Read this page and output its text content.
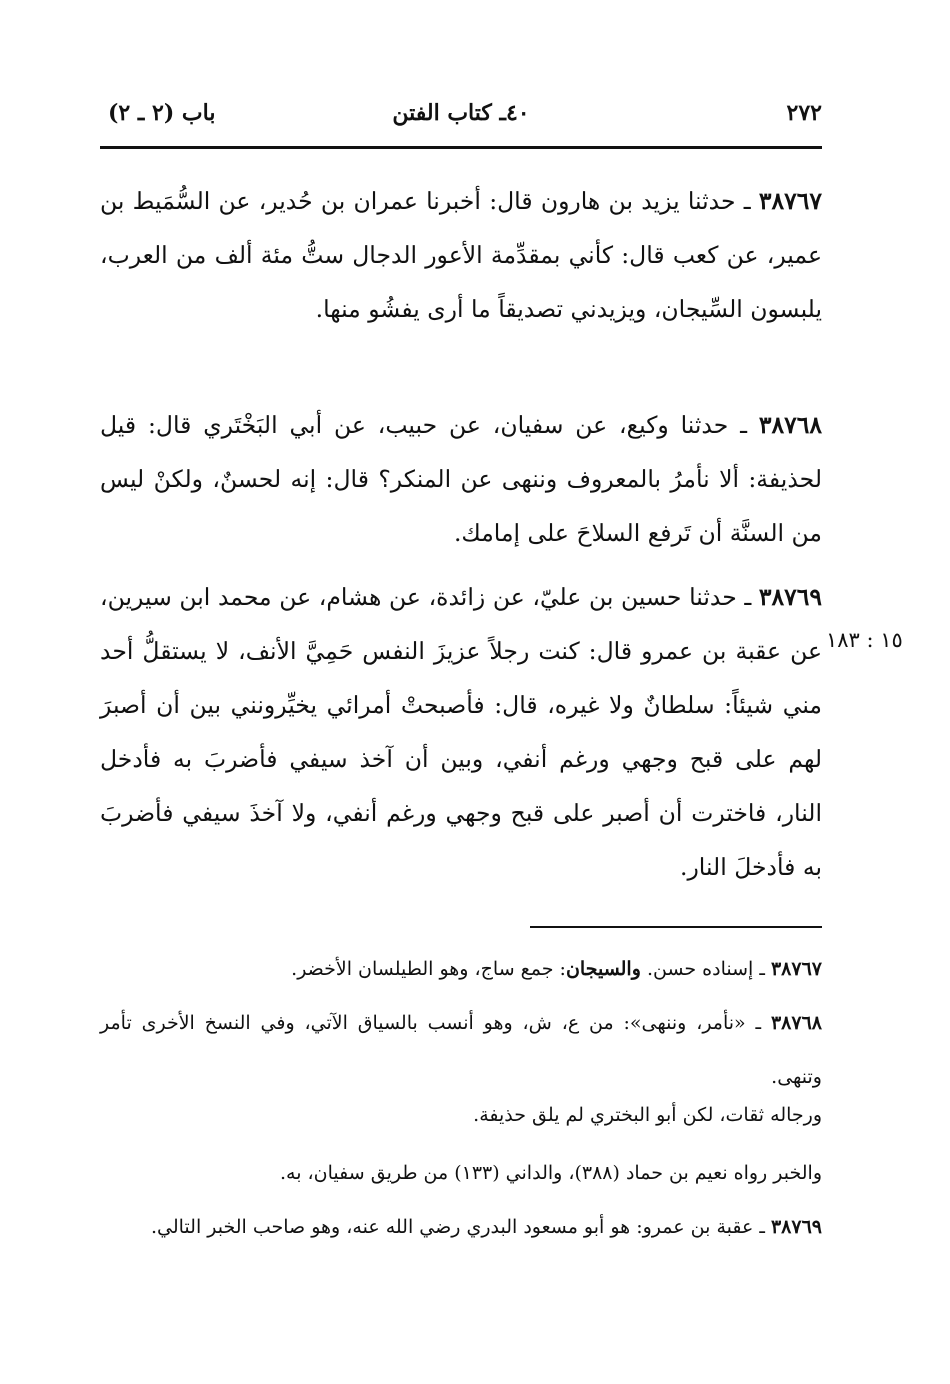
٢٧٢
٤٠ـ كتاب الفتن
باب (٢ ـ ٢)
٣٨٧٦٧ ـ حدثنا يزيد بن هارون قال: أخبرنا عمران بن حُدير، عن السُّمَيط بن عمير، عن كعب قال: كأني بمقدِّمة الأعور الدجال ستُّ مئة ألف من العرب، يلبسون السِّيجان، ويزيدني تصديقاً ما أرى يفشُو منها.
٣٨٧٦٨ ـ حدثنا وكيع، عن سفيان، عن حبيب، عن أبي البَخْتَري قال: قيل لحذيفة: ألا نأمرُ بالمعروف وننهى عن المنكر؟ قال: إنه لحسنٌ، ولكنْ ليس من السنَّة أن تَرفع السلاحَ على إمامك.
٣٨٧٦٩ ـ حدثنا حسين بن عليّ، عن زائدة، عن هشام، عن محمد ابن سيرين، عن عقبة بن عمرو قال: كنت رجلاً عزيزَ النفس حَمِيَّ الأنف، لا يستقلُّ أحد مني شيئاً: سلطانٌ ولا غيره، قال: فأصبحتْ أمرائي يخيِّرونني بين أن أصبرَ لهم على قبح وجهي ورغم أنفي، وبين أن آخذ سيفي فأضربَ به فأدخل النار، فاخترت أن أصبر على قبح وجهي ورغم أنفي، ولا آخذَ سيفي فأضربَ به فأدخلَ النار.
١٥ : ١٨٣
٣٨٧٦٧ ـ إسناده حسن. والسيجان: جمع ساج، وهو الطيلسان الأخضر.
٣٨٧٦٨ ـ «نأمر، وننهى»: من ع، ش، وهو أنسب بالسياق الآتي، وفي النسخ الأخرى تأمر وتنهى.
ورجاله ثقات، لكن أبو البختري لم يلق حذيفة.
والخبر رواه نعيم بن حماد (٣٨٨)، والداني (١٣٣) من طريق سفيان، به.
٣٨٧٦٩ ـ عقبة بن عمرو: هو أبو مسعود البدري رضي الله عنه، وهو صاحب الخبر التالي.
